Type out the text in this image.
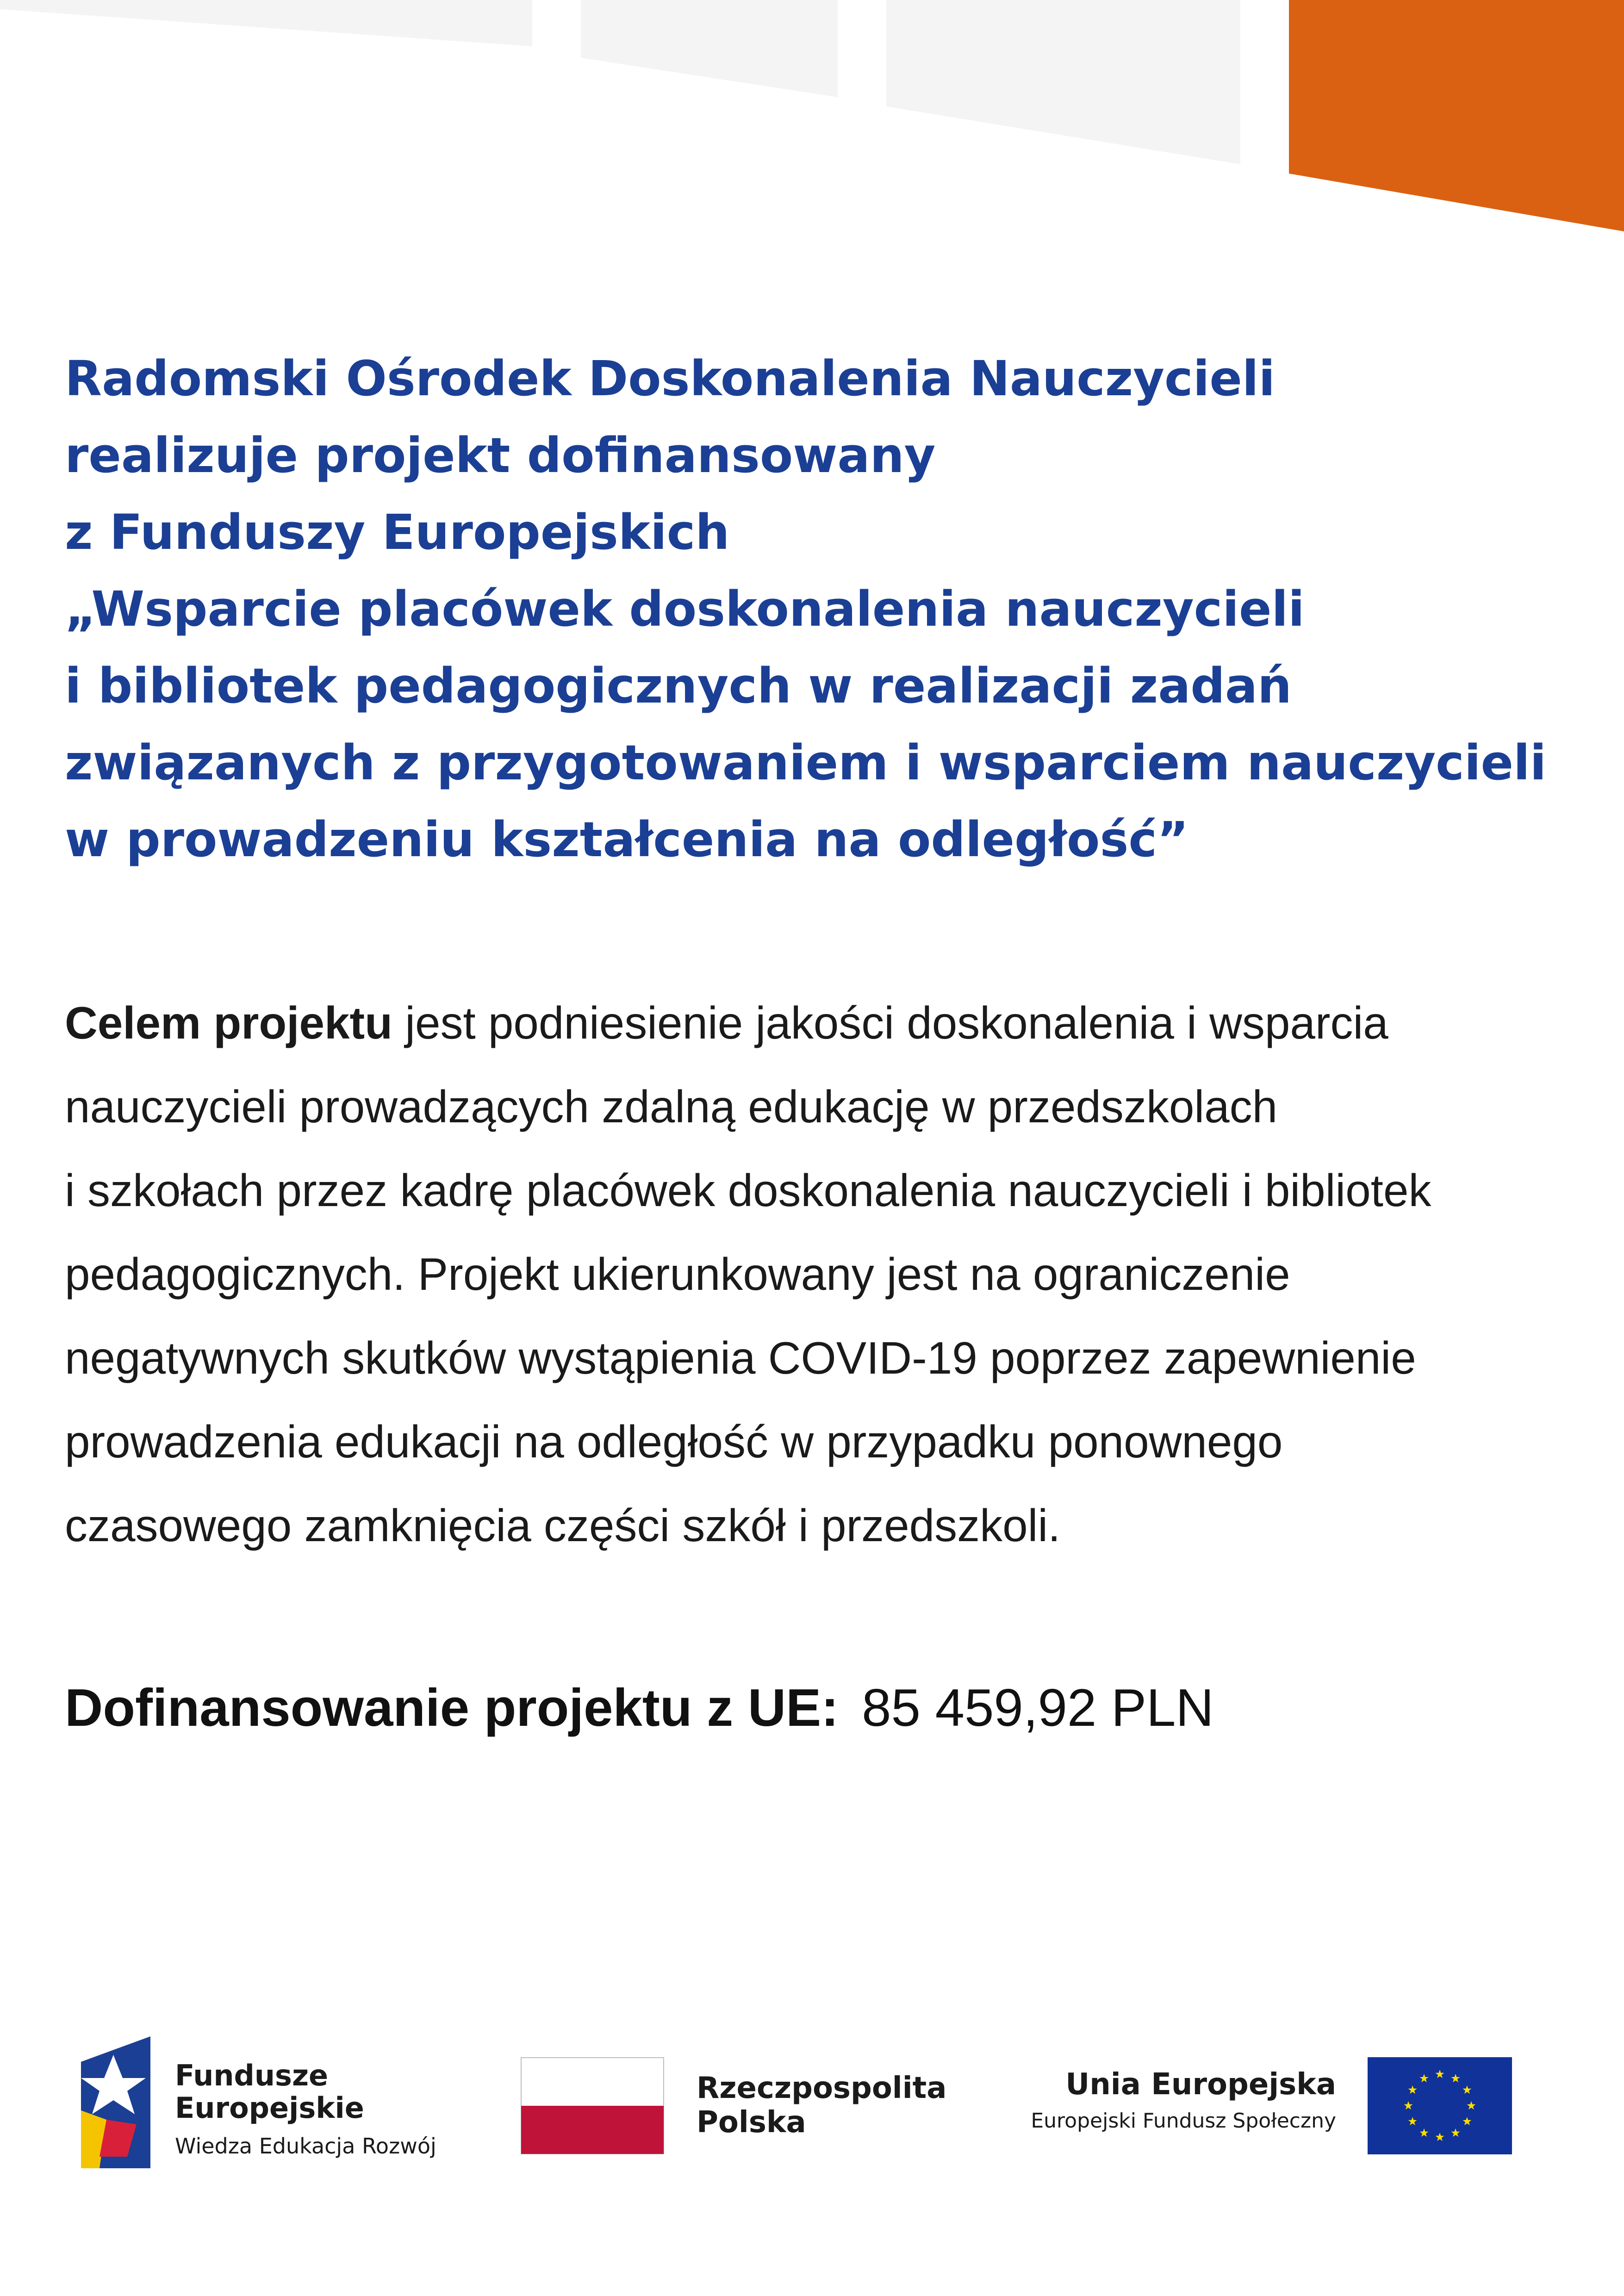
Radomski Ośrodek Doskonalenia Nauczycieli
realizuje projekt dofinansowany
z Funduszy Europejskich
„Wsparcie placówek doskonalenia nauczycieli
i bibliotek pedagogicznych w realizacji zadań
związanych z przygotowaniem i wsparciem nauczycieli
w prowadzeniu kształcenia na odległość”
Celem projektu jest podniesienie jakości doskonalenia i wsparcia
nauczycieli prowadzących zdalną edukację w przedszkolach
i szkołach przez kadrę placówek doskonalenia nauczycieli i bibliotek
pedagogicznych. Projekt ukierunkowany jest na ograniczenie
negatywnych skutków wystąpienia COVID-19 poprzez zapewnienie
prowadzenia edukacji na odległość w przypadku ponownego
czasowego zamknięcia części szkół i przedszkoli.
Dofinansowanie projektu z UE: 85 459,92 PLN
Fundusze
Europejskie
Wiedza Edukacja Rozwój
Rzeczpospolita
Polska
Unia Europejska
Europejski Fundusz Społeczny
